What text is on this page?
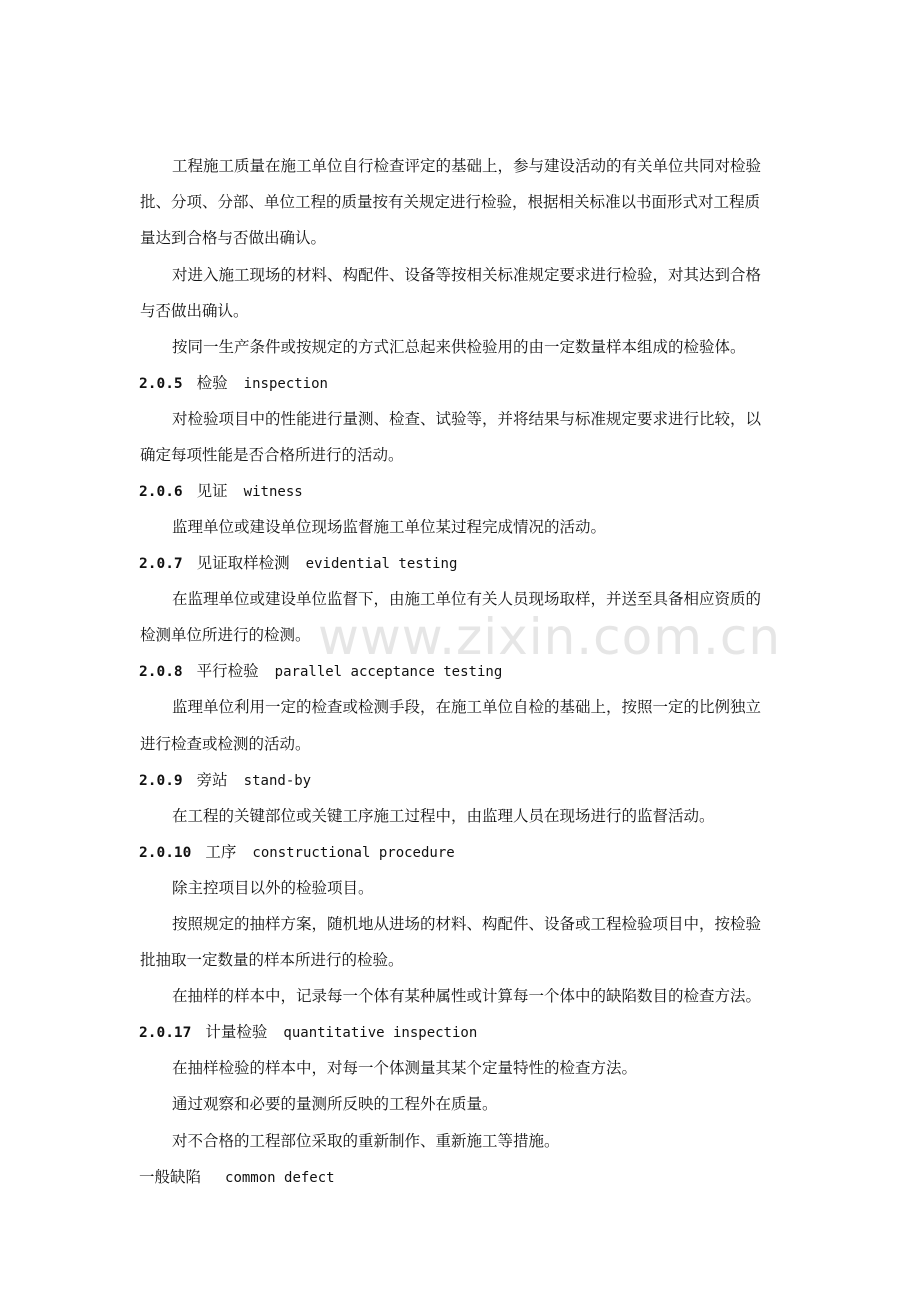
www.zixin.com.cn
工程施工质量在施工单位自行检查评定的基础上，参与建设活动的有关单位共同对检验
批、分项、分部、单位工程的质量按有关规定进行检验，根据相关标准以书面形式对工程质
量达到合格与否做出确认。
对进入施工现场的材料、构配件、设备等按相关标准规定要求进行检验，对其达到合格
与否做出确认。
按同一生产条件或按规定的方式汇总起来供检验用的由一定数量样本组成的检验体。
2.0.5 检验 inspection
对检验项目中的性能进行量测、检查、试验等，并将结果与标准规定要求进行比较，以
确定每项性能是否合格所进行的活动。
2.0.6 见证 witness
监理单位或建设单位现场监督施工单位某过程完成情况的活动。
2.0.7 见证取样检测 evidential testing
在监理单位或建设单位监督下，由施工单位有关人员现场取样，并送至具备相应资质的
检测单位所进行的检测。
2.0.8 平行检验 parallel acceptance testing
监理单位利用一定的检查或检测手段，在施工单位自检的基础上，按照一定的比例独立
进行检查或检测的活动。
2.0.9 旁站 stand-by
在工程的关键部位或关键工序施工过程中，由监理人员在现场进行的监督活动。
2.0.10 工序 constructional procedure
除主控项目以外的检验项目。
按照规定的抽样方案，随机地从进场的材料、构配件、设备或工程检验项目中，按检验
批抽取一定数量的样本所进行的检验。
在抽样的样本中，记录每一个体有某种属性或计算每一个体中的缺陷数目的检查方法。
2.0.17 计量检验 quantitative inspection
在抽样检验的样本中，对每一个体测量其某个定量特性的检查方法。
通过观察和必要的量测所反映的工程外在质量。
对不合格的工程部位采取的重新制作、重新施工等措施。
一般缺陷 common defect
